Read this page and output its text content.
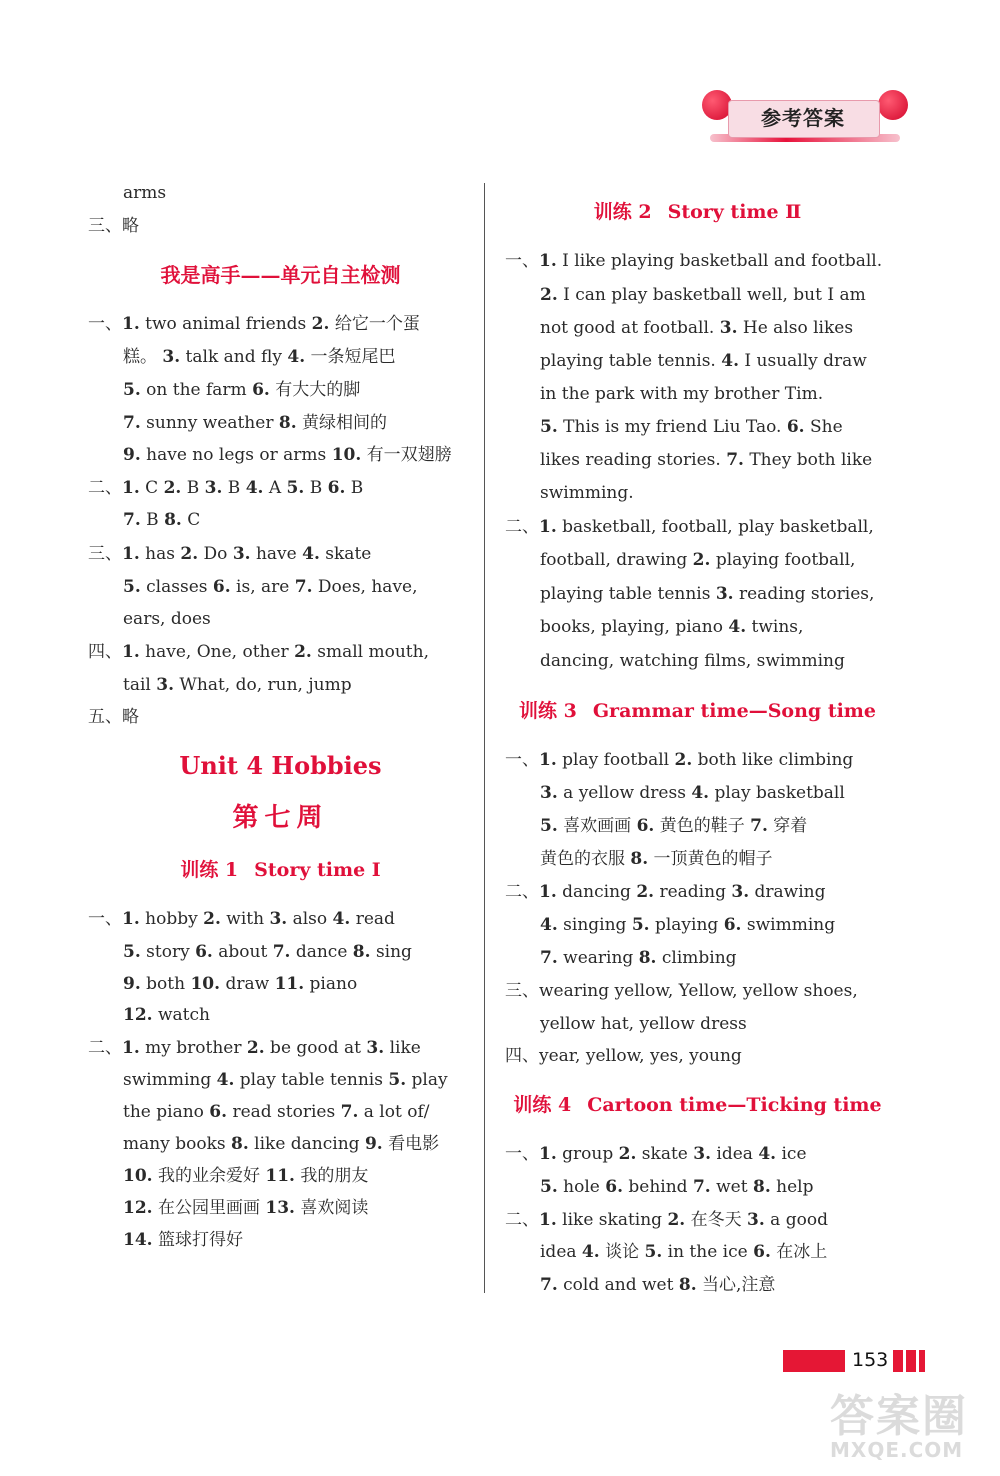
参考答案
arms
三、略
我是高手——单元自主检测
一、1. two animal friends 2. 给它一个蛋
糕。 3. talk and fly 4. 一条短尾巴
5. on the farm 6. 有大大的脚
7. sunny weather 8. 黄绿相间的
9. have no legs or arms 10. 有一双翅膀
二、1. C 2. B 3. B 4. A 5. B 6. B
7. B 8. C
三、1. has 2. Do 3. have 4. skate
5. classes 6. is, are 7. Does, have,
ears, does
四、1. have, One, other 2. small mouth,
tail 3. What, do, run, jump
五、略
Unit 4 Hobbies
第七周
训练 1 Story time Ⅰ
一、1. hobby 2. with 3. also 4. read
5. story 6. about 7. dance 8. sing
9. both 10. draw 11. piano
12. watch
二、1. my brother 2. be good at 3. like
swimming 4. play table tennis 5. play
the piano 6. read stories 7. a lot of/
many books 8. like dancing 9. 看电影
10. 我的业余爱好 11. 我的朋友
12. 在公园里画画 13. 喜欢阅读
14. 篮球打得好
训练 2 Story time Ⅱ
一、1. I like playing basketball and football.
2. I can play basketball well, but I am
not good at football. 3. He also likes
playing table tennis. 4. I usually draw
in the park with my brother Tim.
5. This is my friend Liu Tao. 6. She
likes reading stories. 7. They both like
swimming.
二、1. basketball, football, play basketball,
football, drawing 2. playing football,
playing table tennis 3. reading stories,
books, playing, piano 4. twins,
dancing, watching films, swimming
训练 3 Grammar time—Song time
一、1. play football 2. both like climbing
3. a yellow dress 4. play basketball
5. 喜欢画画 6. 黄色的鞋子 7. 穿着
黄色的衣服 8. 一顶黄色的帽子
二、1. dancing 2. reading 3. drawing
4. singing 5. playing 6. swimming
7. wearing 8. climbing
三、wearing yellow, Yellow, yellow shoes,
yellow hat, yellow dress
四、year, yellow, yes, young
训练 4 Cartoon time—Ticking time
一、1. group 2. skate 3. idea 4. ice
5. hole 6. behind 7. wet 8. help
二、1. like skating 2. 在冬天 3. a good
idea 4. 谈论 5. in the ice 6. 在冰上
7. cold and wet 8. 当心,注意
153
答案圈
MXQE.COM
